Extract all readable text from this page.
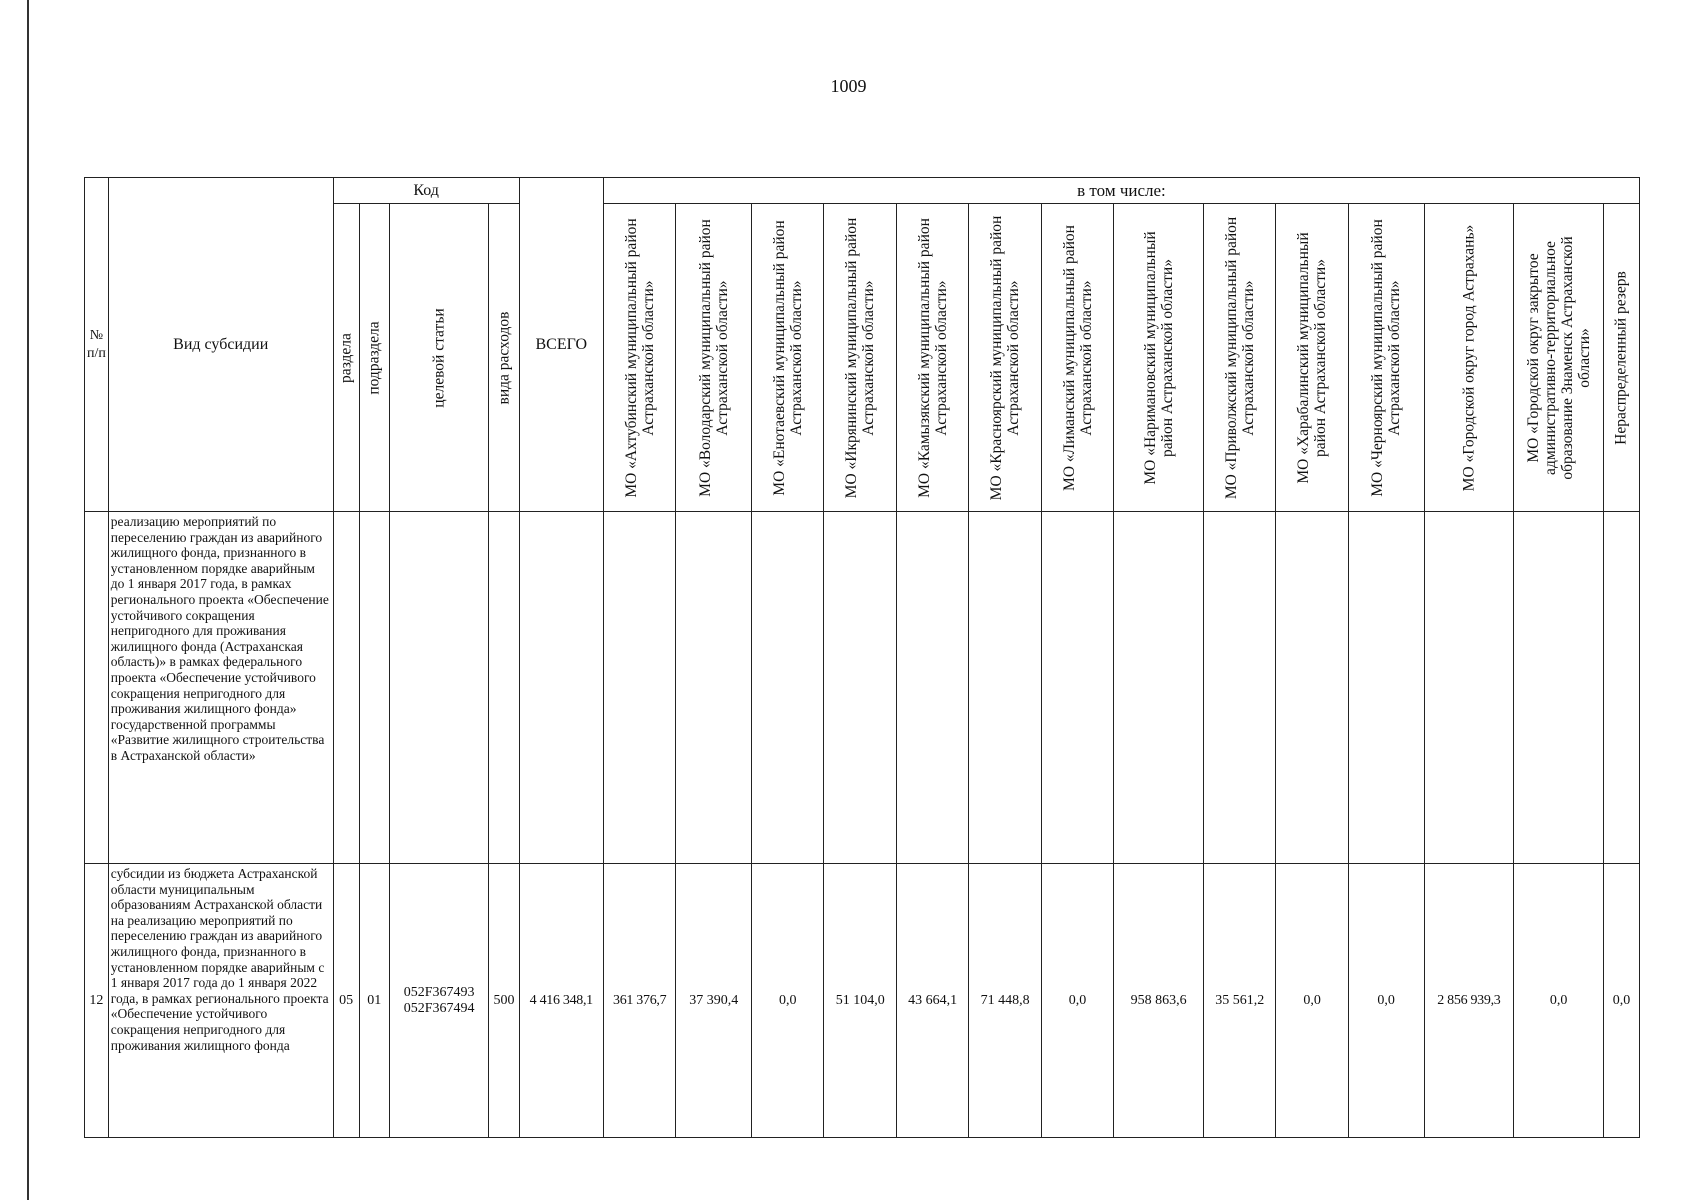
1009
№ п/п	Вид субсидии	Код				ВСЕГО	в том числе:													

		раздела	подраздела	целевой статьи	вида расходов		МО «Ахтубинский муниципальный район Астраханской области»	МО «Володарский муниципальный район Астраханской области»	МО «Енотаевский муниципальный район Астраханской области»	МО «Икрянинский муниципальный район Астраханской области»	МО «Камызякский муниципальный район Астраханской области»	МО «Красноярский муниципальный район Астраханской области»	МО «Лиманский муниципальный район Астраханской области»	МО «Наримановский муниципальный район Астраханской области»	МО «Приволжский муниципальный район Астраханской области»	МО «Харабалинский муниципальный район Астраханской области»	МО «Черноярский муниципальный район Астраханской области»	МО «Городской округ город Астрахань»	МО «Городской округ закрытое административно-территориальное образование Знаменск Астраханской области»	Нераспределенный резерв

	реализацию мероприятий по переселению граждан из аварийного жилищного фонда, признанного в установленном порядке аварийным до 1 января 2017 года, в рамках регионального проекта «Обеспечение устойчивого сокращения непригодного для проживания жилищного фонда (Астраханская область)» в рамках федерального проекта «Обеспечение устойчивого сокращения непригодного для проживания жилищного фонда» государственной программы «Развитие жилищного строительства в Астраханской области»																			
12	субсидии из бюджета Астраханской области муниципальным образованиям Астраханской области на реализацию мероприятий по переселению граждан из аварийного жилищного фонда, признанного в установленном порядке аварийным с 1 января 2017 года до 1 января 2022 года, в рамках регионального проекта «Обеспечение устойчивого сокращения непригодного для проживания жилищного фонда	05	01	052F367493 052F367494	500	4 416 348,1	361 376,7	37 390,4	0,0	51 104,0	43 664,1	71 448,8	0,0	958 863,6	35 561,2	0,0	0,0	2 856 939,3	0,0	0,0
